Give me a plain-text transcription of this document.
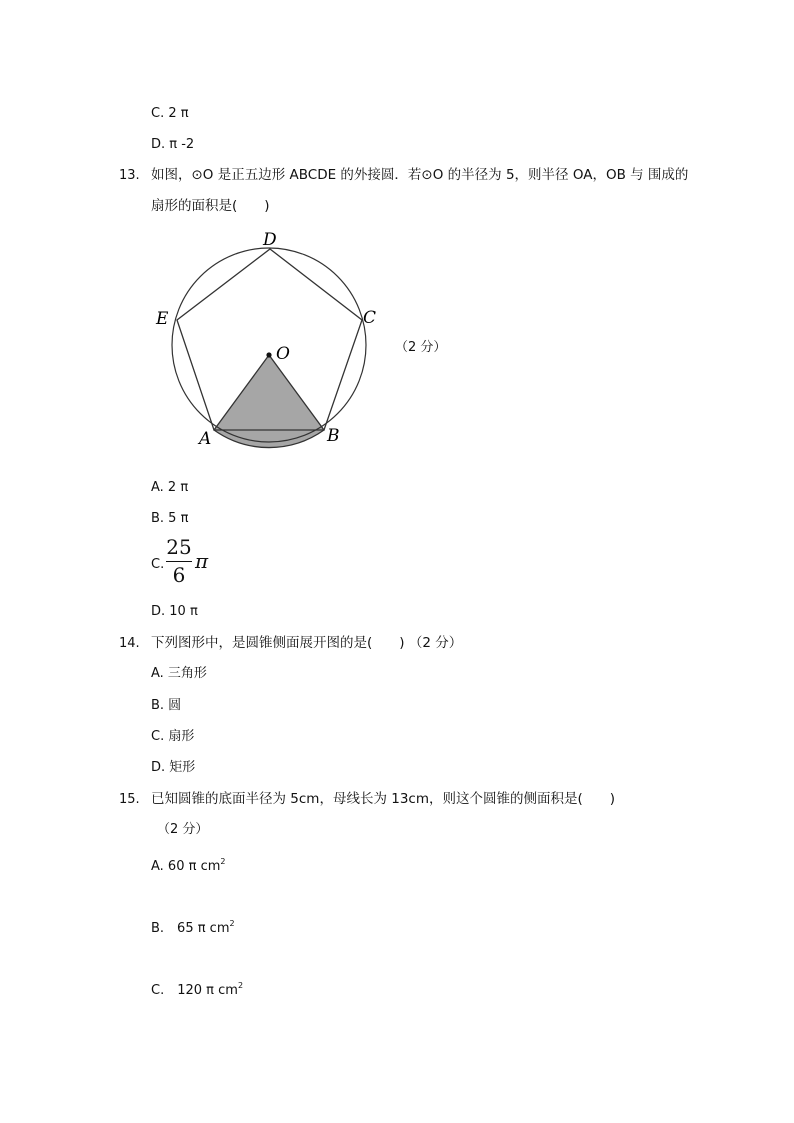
C. 2 π
D. π -2
13. 如图，⊙O 是正五边形 ABCDE 的外接圆．若⊙O 的半径为 5，则半径 OA，OB 与 围成的
扇形的面积是(　　)
D
E	C
O
A	B
（2 分）
A. 2 π
B. 5 π
C.
25
6
π
D. 10 π
14. 下列图形中，是圆锥侧面展开图的是(　　) （2 分）
A. 三角形
B. 圆
C. 扇形
D. 矩形
15. 已知圆锥的底面半径为 5cm，母线长为 13cm，则这个圆锥的侧面积是(　　)
（2 分）
A. 60 π $cm^2$
B.　65 π $cm^2$
C.　120 π $cm^2$
